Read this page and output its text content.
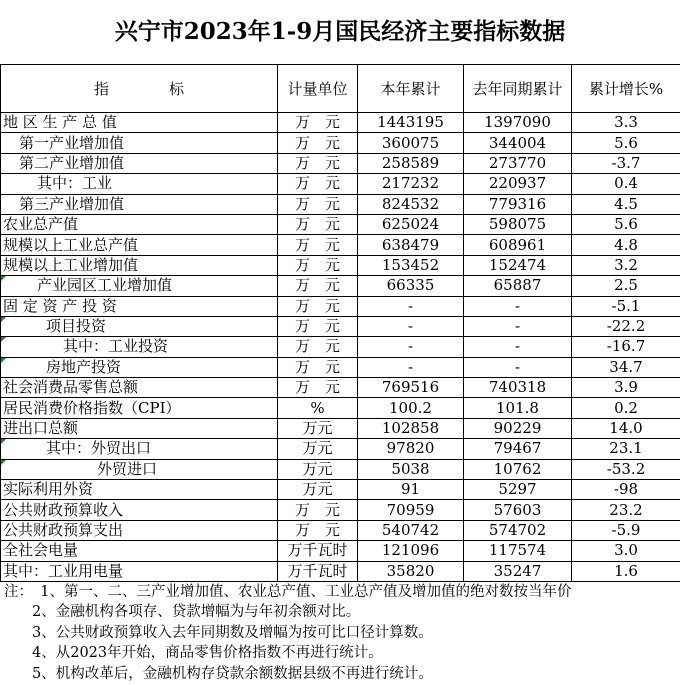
兴宁市2023年1-9月国民经济主要指标数据
指　　　　标	计量单位	本年累计	去年同期累计	累计增长%
地 区 生 产 总 值	万　元	1443195	1397090	3.3
第一产业增加值	万　元	360075	344004	5.6
第二产业增加值	万　元	258589	273770	-3.7
其中：工业	万　元	217232	220937	0.4
第三产业增加值	万　元	824532	779316	4.5
农业总产值	万　元	625024	598075	5.6
规模以上工业总产值	万　元	638479	608961	4.8
规模以上工业增加值	万　元	153452	152474	3.2
产业园区工业增加值	万　元	66335	65887	2.5
固 定 资 产 投 资	万　元	-	-	-5.1
项目投资	万　元	-	-	-22.2
其中：工业投资	万　元	-	-	-16.7
房地产投资	万　元	-	-	34.7
社会消费品零售总额	万　元	769516	740318	3.9
居民消费价格指数（CPI）	%	100.2	101.8	0.2
进出口总额	万元	102858	90229	14.0
其中：外贸出口	万元	97820	79467	23.1
外贸进口	万元	5038	10762	-53.2
实际利用外资	万元	91	5297	-98
公共财政预算收入	万　元	70959	57603	23.2
公共财政预算支出	万　元	540742	574702	-5.9
全社会电量	万千瓦时	121096	117574	3.0
其中：工业用电量	万千瓦时	35820	35247	1.6
注：　1、第一、二、三产业增加值、农业总产值、工业总产值及增加值的绝对数按当年价
2、金融机构各项存、贷款增幅为与年初余额对比。
3、公共财政预算收入去年同期数及增幅为按可比口径计算数。
4、从2023年开始，商品零售价格指数不再进行统计。
5、机构改革后，金融机构存贷款余额数据县级不再进行统计。
